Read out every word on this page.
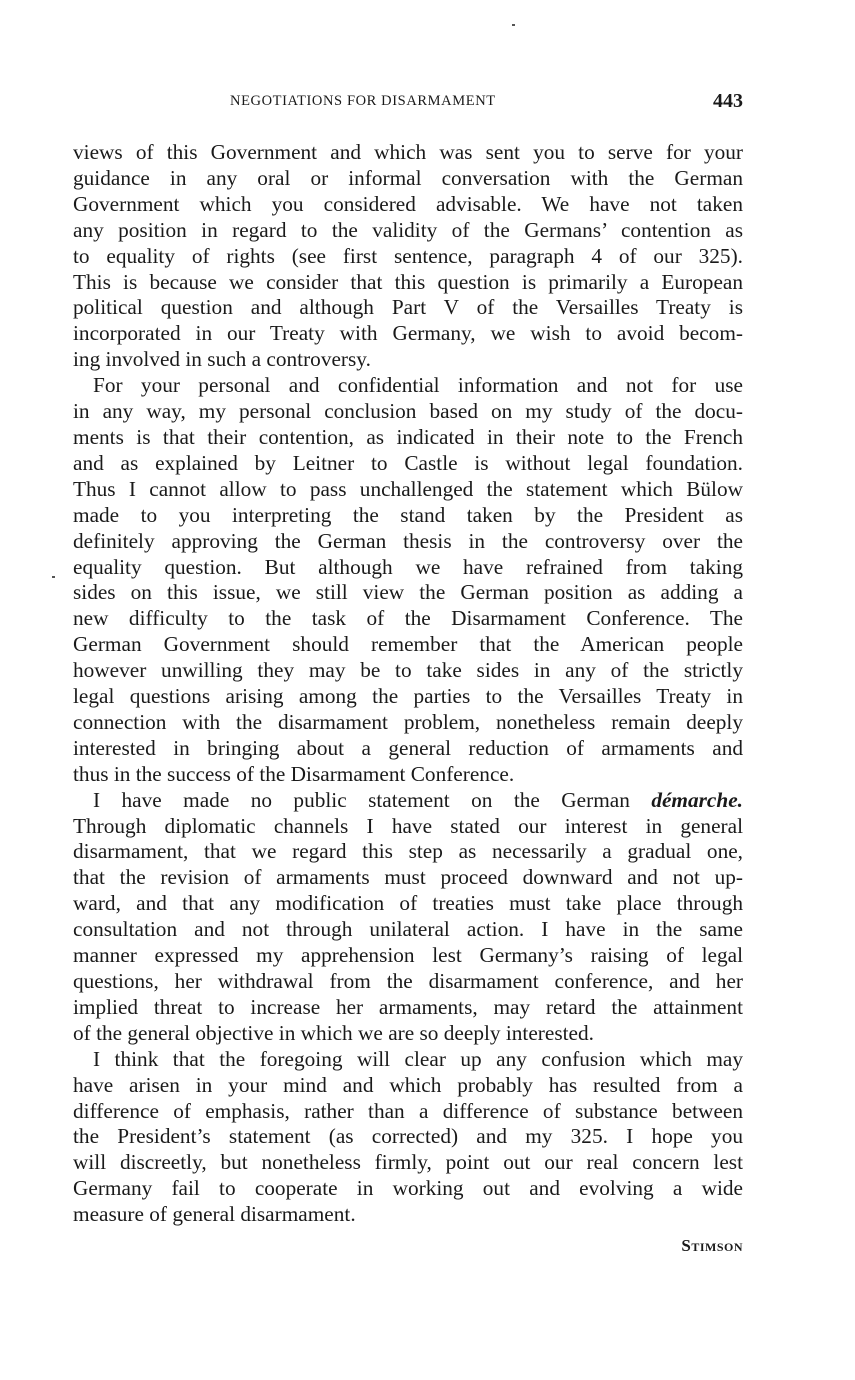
NEGOTIATIONS FOR DISARMAMENT	443
views of this Government and which was sent you to serve for your
guidance in any oral or informal conversation with the German
Government which you considered advisable. We have not taken
any position in regard to the validity of the Germans’ contention as
to equality of rights (see first sentence, paragraph 4 of our 325).
This is because we consider that this question is primarily a European
political question and although Part V of the Versailles Treaty is
incorporated in our Treaty with Germany, we wish to avoid becom-
ing involved in such a controversy.
For your personal and confidential information and not for use
in any way, my personal conclusion based on my study of the docu-
ments is that their contention, as indicated in their note to the French
and as explained by Leitner to Castle is without legal foundation.
Thus I cannot allow to pass unchallenged the statement which Bülow
made to you interpreting the stand taken by the President as
definitely approving the German thesis in the controversy over the
equality question. But although we have refrained from taking
sides on this issue, we still view the German position as adding a
new difficulty to the task of the Disarmament Conference. The
German Government should remember that the American people
however unwilling they may be to take sides in any of the strictly
legal questions arising among the parties to the Versailles Treaty in
connection with the disarmament problem, nonetheless remain deeply
interested in bringing about a general reduction of armaments and
thus in the success of the Disarmament Conference.
I have made no public statement on the German démarche.
Through diplomatic channels I have stated our interest in general
disarmament, that we regard this step as necessarily a gradual one,
that the revision of armaments must proceed downward and not up-
ward, and that any modification of treaties must take place through
consultation and not through unilateral action. I have in the same
manner expressed my apprehension lest Germany’s raising of legal
questions, her withdrawal from the disarmament conference, and her
implied threat to increase her armaments, may retard the attainment
of the general objective in which we are so deeply interested.
I think that the foregoing will clear up any confusion which may
have arisen in your mind and which probably has resulted from a
difference of emphasis, rather than a difference of substance between
the President’s statement (as corrected) and my 325. I hope you
will discreetly, but nonetheless firmly, point out our real concern lest
Germany fail to cooperate in working out and evolving a wide
measure of general disarmament.
Stimson
